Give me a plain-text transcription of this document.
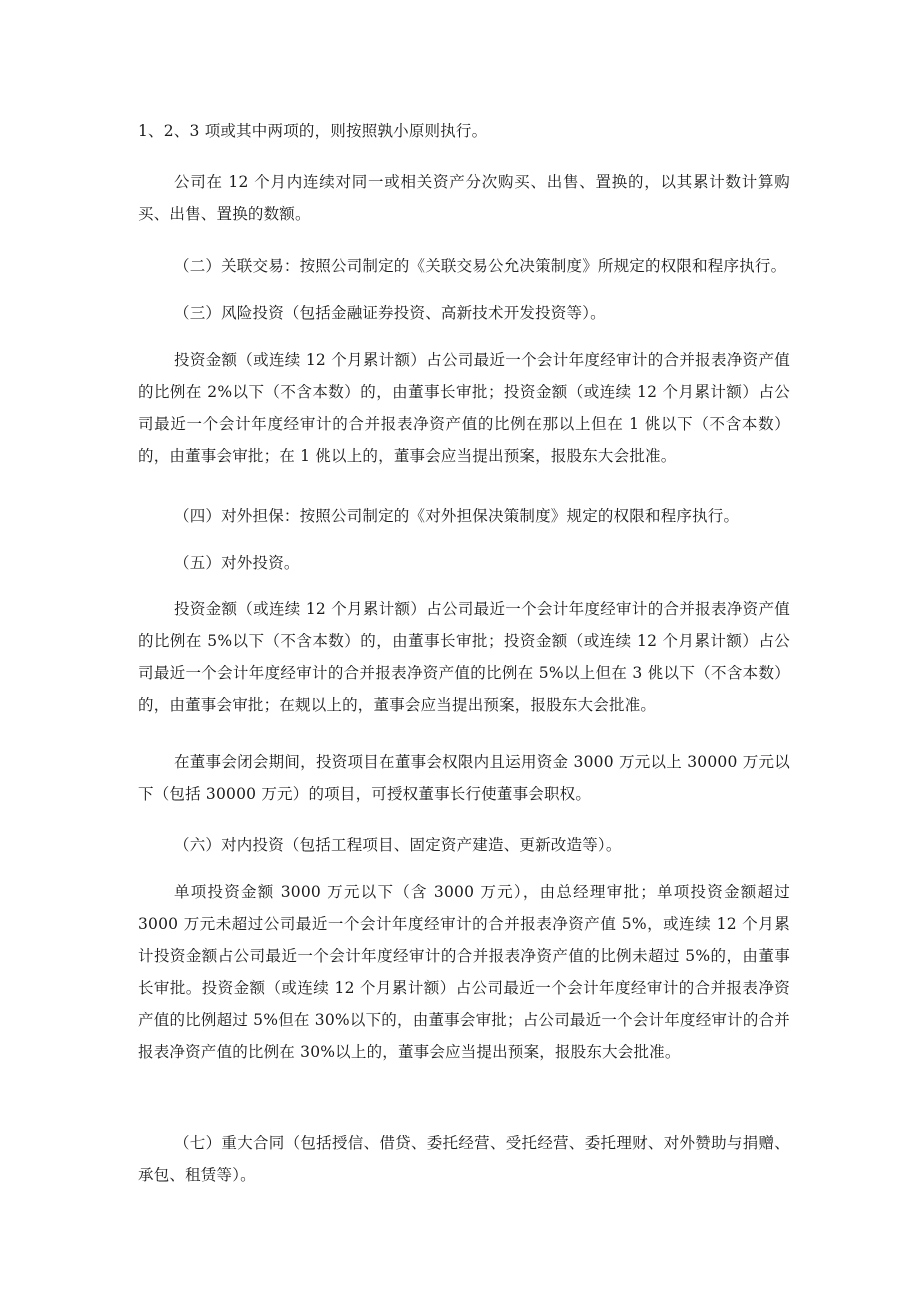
1、2、3 项或其中两项的，则按照孰小原则执行。

公司在 12 个月内连续对同一或相关资产分次购买、出售、置换的，以其累计数计算购买、出售、置换的数额。

（二）关联交易：按照公司制定的《关联交易公允决策制度》所规定的权限和程序执行。

（三）风险投资（包括金融证券投资、高新技术开发投资等）。

投资金额（或连续 12 个月累计额）占公司最近一个会计年度经审计的合并报表净资产值的比例在 2%以下（不含本数）的，由董事长审批；投资金额（或连续 12 个月累计额）占公司最近一个会计年度经审计的合并报表净资产值的比例在那以上但在 1 佻以下（不含本数）的，由董事会审批；在 1 佻以上的，董事会应当提出预案，报股东大会批准。

（四）对外担保：按照公司制定的《对外担保决策制度》规定的权限和程序执行。

（五）对外投资。

投资金额（或连续 12 个月累计额）占公司最近一个会计年度经审计的合并报表净资产值的比例在 5%以下（不含本数）的，由董事长审批；投资金额（或连续 12 个月累计额）占公司最近一个会计年度经审计的合并报表净资产值的比例在 5%以上但在 3 佻以下（不含本数）的，由董事会审批；在觌以上的，董事会应当提出预案，报股东大会批准。

在董事会闭会期间，投资项目在董事会权限内且运用资金 3000 万元以上 30000 万元以下（包括 30000 万元）的项目，可授权董事长行使董事会职权。

（六）对内投资（包括工程项目、固定资产建造、更新改造等）。

单项投资金额 3000 万元以下（含 3000 万元），由总经理审批；单项投资金额超过 3000 万元未超过公司最近一个会计年度经审计的合并报表净资产值 5%，或连续 12 个月累计投资金额占公司最近一个会计年度经审计的合并报表净资产值的比例未超过 5%的，由董事长审批。投资金额（或连续 12 个月累计额）占公司最近一个会计年度经审计的合并报表净资产值的比例超过 5%但在 30%以下的，由董事会审批；占公司最近一个会计年度经审计的合并报表净资产值的比例在 30%以上的，董事会应当提出预案，报股东大会批准。

（七）重大合同（包括授信、借贷、委托经营、受托经营、委托理财、对外赞助与捐赠、承包、租赁等）。
